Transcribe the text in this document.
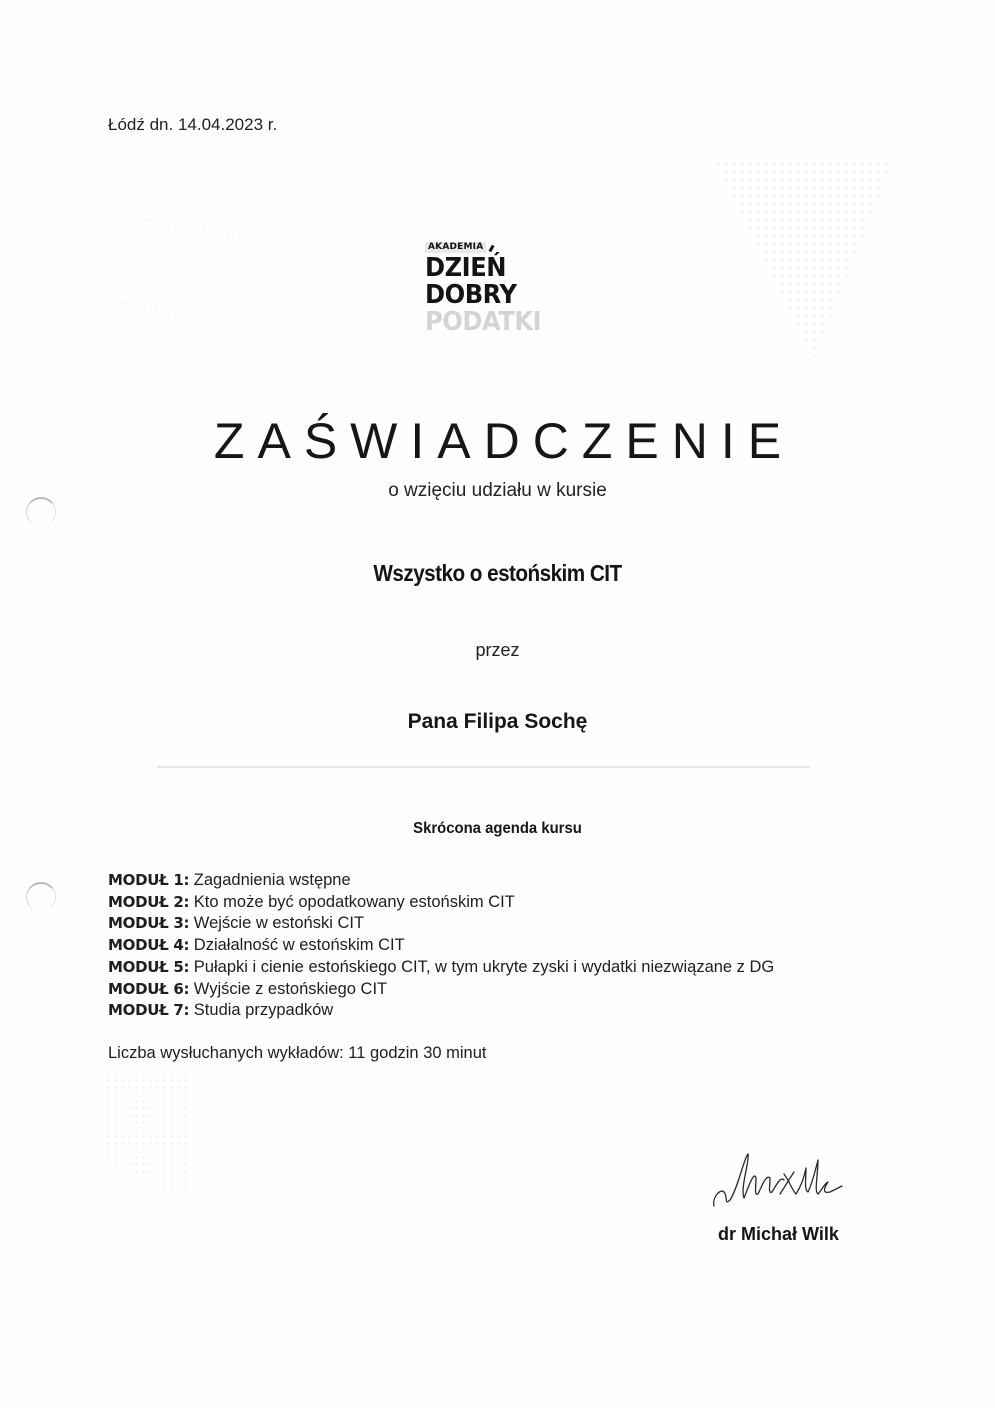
Łódź dn. 14.04.2023 r.
AKADEMIA
DZIEŃ
DOBRY
PODATKI
ZAŚWIADCZENIE
o wzięciu udziału w kursie
Wszystko o estońskim CIT
przez
Pana Filipa Sochę
Skrócona agenda kursu
MODUŁ 1: Zagadnienia wstępne
MODUŁ 2: Kto może być opodatkowany estońskim CIT
MODUŁ 3: Wejście w estoński CIT
MODUŁ 4: Działalność w estońskim CIT
MODUŁ 5: Pułapki i cienie estońskiego CIT, w tym ukryte zyski i wydatki niezwiązane z DG
MODUŁ 6: Wyjście z estońskiego CIT
MODUŁ 7: Studia przypadków
Liczba wysłuchanych wykładów: 11 godzin 30 minut
dr Michał Wilk
